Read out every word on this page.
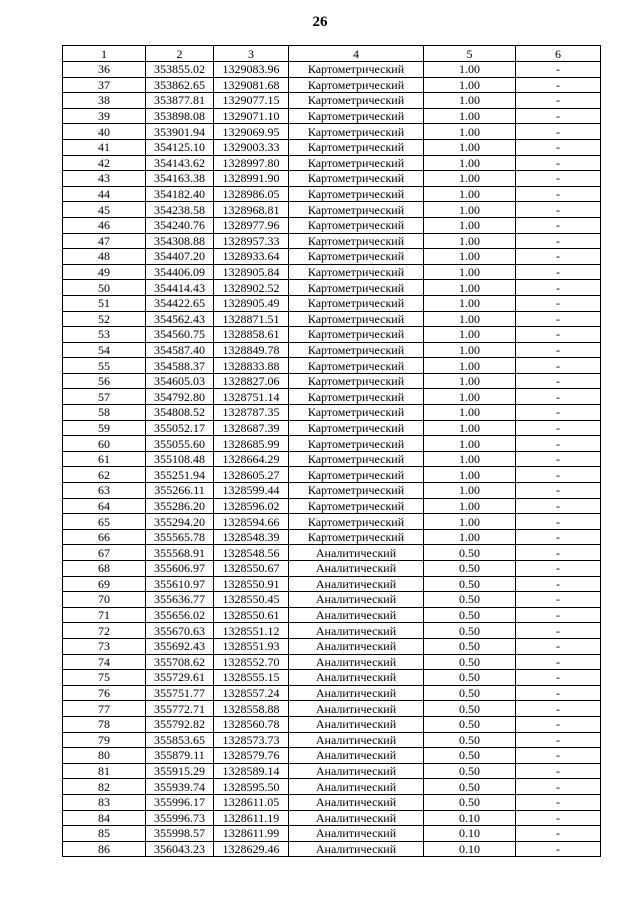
26
1	2	3	4	5	6
36	353855.02	1329083.96	Картометрический	1.00	-
37	353862.65	1329081.68	Картометрический	1.00	-
38	353877.81	1329077.15	Картометрический	1.00	-
39	353898.08	1329071.10	Картометрический	1.00	-
40	353901.94	1329069.95	Картометрический	1.00	-
41	354125.10	1329003.33	Картометрический	1.00	-
42	354143.62	1328997.80	Картометрический	1.00	-
43	354163.38	1328991.90	Картометрический	1.00	-
44	354182.40	1328986.05	Картометрический	1.00	-
45	354238.58	1328968.81	Картометрический	1.00	-
46	354240.76	1328977.96	Картометрический	1.00	-
47	354308.88	1328957.33	Картометрический	1.00	-
48	354407.20	1328933.64	Картометрический	1.00	-
49	354406.09	1328905.84	Картометрический	1.00	-
50	354414.43	1328902.52	Картометрический	1.00	-
51	354422.65	1328905.49	Картометрический	1.00	-
52	354562.43	1328871.51	Картометрический	1.00	-
53	354560.75	1328858.61	Картометрический	1.00	-
54	354587.40	1328849.78	Картометрический	1.00	-
55	354588.37	1328833.88	Картометрический	1.00	-
56	354605.03	1328827.06	Картометрический	1.00	-
57	354792.80	1328751.14	Картометрический	1.00	-
58	354808.52	1328787.35	Картометрический	1.00	-
59	355052.17	1328687.39	Картометрический	1.00	-
60	355055.60	1328685.99	Картометрический	1.00	-
61	355108.48	1328664.29	Картометрический	1.00	-
62	355251.94	1328605.27	Картометрический	1.00	-
63	355266.11	1328599.44	Картометрический	1.00	-
64	355286.20	1328596.02	Картометрический	1.00	-
65	355294.20	1328594.66	Картометрический	1.00	-
66	355565.78	1328548.39	Картометрический	1.00	-
67	355568.91	1328548.56	Аналитический	0.50	-
68	355606.97	1328550.67	Аналитический	0.50	-
69	355610.97	1328550.91	Аналитический	0.50	-
70	355636.77	1328550.45	Аналитический	0.50	-
71	355656.02	1328550.61	Аналитический	0.50	-
72	355670.63	1328551.12	Аналитический	0.50	-
73	355692.43	1328551.93	Аналитический	0.50	-
74	355708.62	1328552.70	Аналитический	0.50	-
75	355729.61	1328555.15	Аналитический	0.50	-
76	355751.77	1328557.24	Аналитический	0.50	-
77	355772.71	1328558.88	Аналитический	0.50	-
78	355792.82	1328560.78	Аналитический	0.50	-
79	355853.65	1328573.73	Аналитический	0.50	-
80	355879.11	1328579.76	Аналитический	0.50	-
81	355915.29	1328589.14	Аналитический	0.50	-
82	355939.74	1328595.50	Аналитический	0.50	-
83	355996.17	1328611.05	Аналитический	0.50	-
84	355996.73	1328611.19	Аналитический	0.10	-
85	355998.57	1328611.99	Аналитический	0.10	-
86	356043.23	1328629.46	Аналитический	0.10	-
